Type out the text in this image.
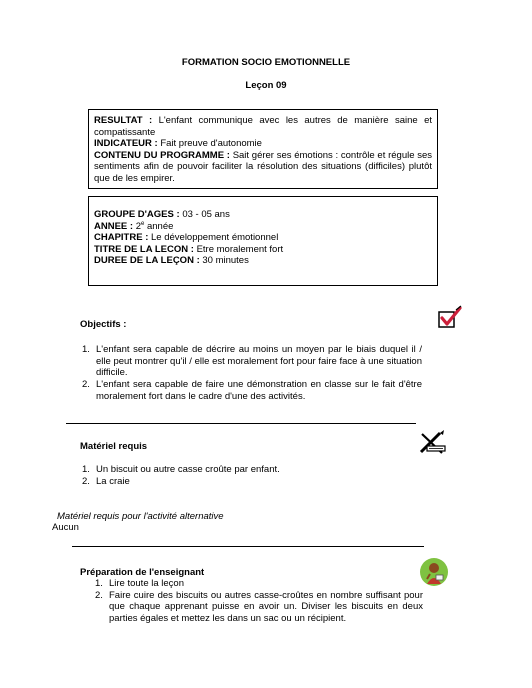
FORMATION SOCIO EMOTIONNELLE
Leçon 09
RESULTAT : L'enfant communique avec les autres de manière saine et compatissante
INDICATEUR : Fait preuve d'autonomie
CONTENU DU PROGRAMME : Sait gérer ses émotions : contrôle et régule ses sentiments afin de pouvoir faciliter la résolution des situations (difficiles) plutôt que de les empirer.
GROUPE D'AGES : 03 - 05 ans
ANNEE : 2e année
CHAPITRE : Le développement émotionnel
TITRE DE LA LECON : Etre moralement fort
DUREE DE LA LEÇON : 30 minutes
Objectifs :
1. L'enfant sera capable de décrire au moins un moyen par le biais duquel il / elle peut montrer qu'il / elle est moralement fort pour faire face à une situation difficile.
2. L'enfant sera capable de faire une démonstration en classe sur le fait d'être moralement fort dans le cadre d'une des activités.
Matériel requis
1. Un biscuit ou autre casse croûte par enfant.
2. La craie
Matériel requis pour l'activité alternative
Aucun
Préparation de l'enseignant
1. Lire toute la leçon
2. Faire cuire des biscuits ou autres casse-croûtes en nombre suffisant pour que chaque apprenant puisse en avoir un. Diviser les biscuits en deux parties égales et mettez les dans un sac ou un récipient.
